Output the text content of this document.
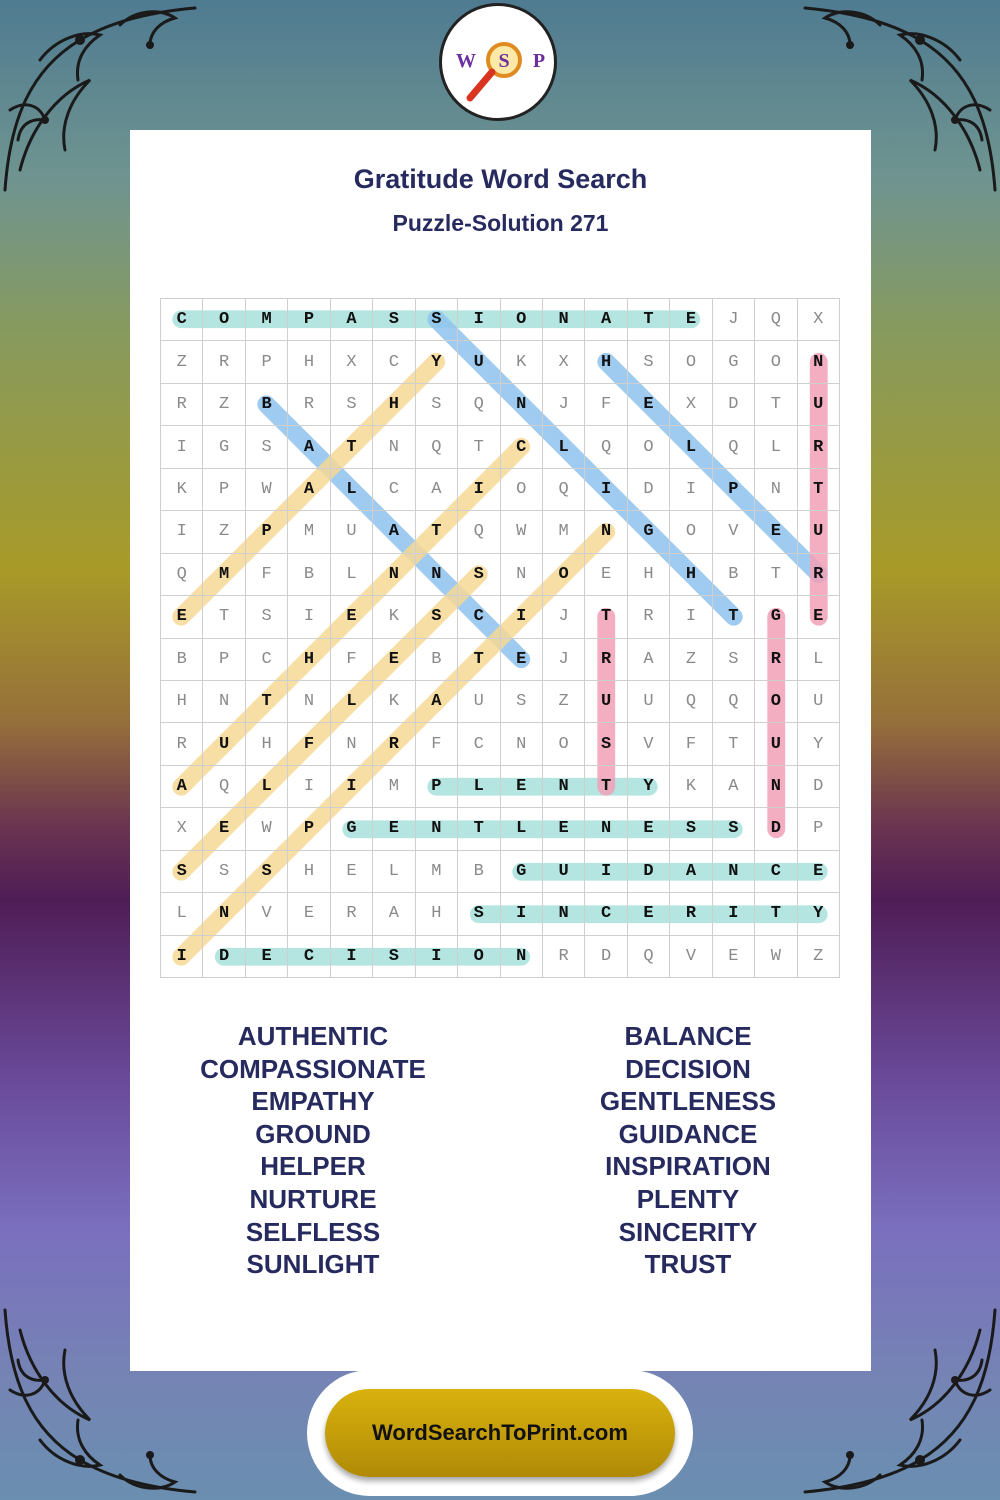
Gratitude Word Search
Puzzle-Solution 271
C	O	M	P	A	S	S	I	O	N	A	T	E	J	Q	X
Z	R	P	H	X	C	Y	U	K	X	H	S	O	G	O	N
R	Z	B	R	S	H	S	Q	N	J	F	E	X	D	T	U
I	G	S	A	T	N	Q	T	C	L	Q	O	L	Q	L	R
K	P	W	A	L	C	A	I	O	Q	I	D	I	P	N	T
I	Z	P	M	U	A	T	Q	W	M	N	G	O	V	E	U
Q	M	F	B	L	N	N	S	N	O	E	H	H	B	T	R
E	T	S	I	E	K	S	C	I	J	T	R	I	T	G	E
B	P	C	H	F	E	B	T	E	J	R	A	Z	S	R	L
H	N	T	N	L	K	A	U	S	Z	U	U	Q	Q	O	U
R	U	H	F	N	R	F	C	N	O	S	V	F	T	U	Y
A	Q	L	I	I	M	P	L	E	N	T	Y	K	A	N	D
X	E	W	P	G	E	N	T	L	E	N	E	S	S	D	P
S	S	S	H	E	L	M	B	G	U	I	D	A	N	C	E
L	N	V	E	R	A	H	S	I	N	C	E	R	I	T	Y
I	D	E	C	I	S	I	O	N	R	D	Q	V	E	W	Z
AUTHENTIC
COMPASSIONATE
EMPATHY
GROUND
HELPER
NURTURE
SELFLESS
SUNLIGHT
BALANCE
DECISION
GENTLENESS
GUIDANCE
INSPIRATION
PLENTY
SINCERITY
TRUST
S
W	P
WordSearchToPrint.com
